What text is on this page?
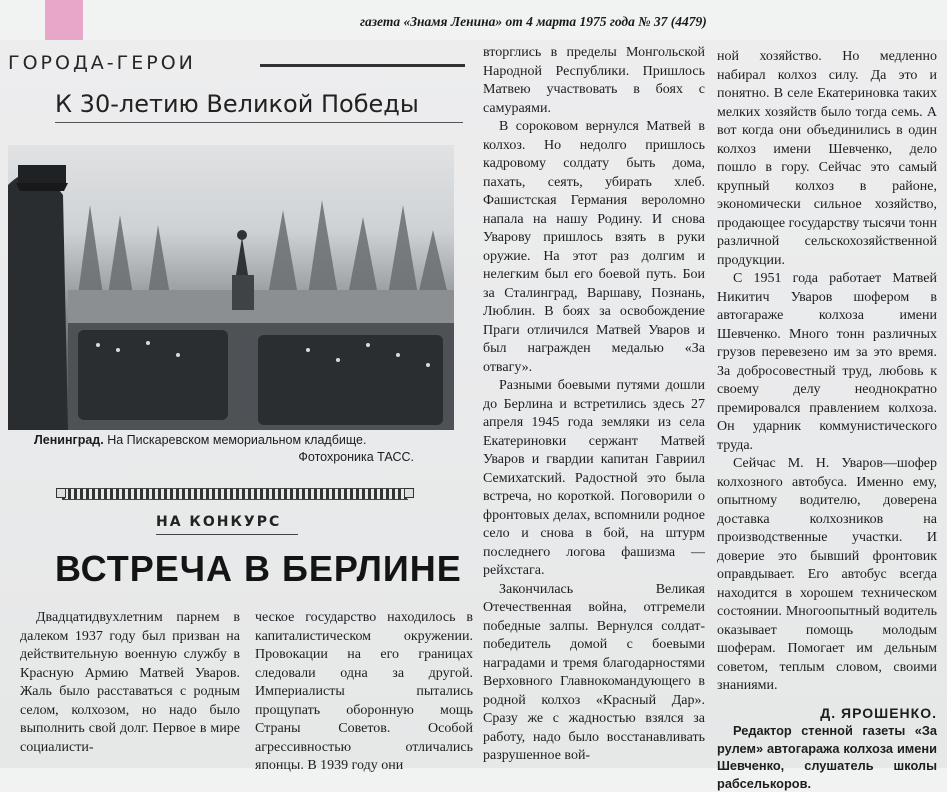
газета «Знамя Ленина» от 4 марта 1975 года № 37 (4479)
ГОРОДА-ГЕРОИ
К 30-летию Великой Победы
Ленинград. На Пискаревском мемориальном кладбище.
Фотохроника ТАСС.
НА КОНКУРС
ВСТРЕЧА В БЕРЛИНЕ

Двадцатидвухлетним парнем в далеком 1937 году был призван на действительную военную службу в Красную Армию Матвей Уваров. Жаль было расставаться с родным селом, колхозом, но надо было выполнить свой долг. Первое в мире социалисти-

ческое государство находилось в капиталистическом окружении. Провокации на его границах следовали одна за другой. Империалисты пытались прощупать оборонную мощь Страны Советов. Особой агрессивностью отличались японцы. В 1939 году они

вторглись в пределы Монгольской Народной Республики. Пришлось Матвею участвовать в боях с самураями.

В сороковом вернулся Матвей в колхоз. Но недолго пришлось кадровому солдату быть дома, пахать, сеять, убирать хлеб. Фашистская Германия вероломно напала на нашу Родину. И снова Уварову пришлось взять в руки оружие. На этот раз долгим и нелегким был его боевой путь. Бои за Сталинград, Варшаву, Познань, Люблин. В боях за освобождение Праги отличился Матвей Уваров и был награжден медалью «За отвагу».

Разными боевыми путями дошли до Берлина и встретились здесь 27 апреля 1945 года земляки из села Екатериновки сержант Матвей Уваров и гвардии капитан Гавриил Семихатский. Радостной это была встреча, но короткой. Поговорили о фронтовых делах, вспомнили родное село и снова в бой, на штурм последнего логова фашизма — рейхстага.

Закончилась Великая Отечественная война, отгремели победные залпы. Вернулся солдат-победитель домой с боевыми наградами и тремя благодарностями Верховного Главнокомандующего в родной колхоз «Красный Дар». Сразу же с жадностью взялся за работу, надо было восстанавливать разрушенное вой-

ной хозяйство. Но медленно набирал колхоз силу. Да это и понятно. В селе Екатериновка таких мелких хозяйств было тогда семь. А вот когда они объединились в один колхоз имени Шевченко, дело пошло в гору. Сейчас это самый крупный колхоз в районе, экономически сильное хозяйство, продающее государству тысячи тонн различной сельскохозяйственной продукции.

С 1951 года работает Матвей Никитич Уваров шофером в автогараже колхоза имени Шевченко. Много тонн различных грузов перевезено им за это время. За добросовестный труд, любовь к своему делу неоднократно премировался правлением колхоза. Он ударник коммунистического труда.

Сейчас М. Н. Уваров—шофер колхозного автобуса. Именно ему, опытному водителю, доверена доставка колхозников на производственные участки. И доверие это бывший фронтовик оправдывает. Его автобус всегда находится в хорошем техническом состоянии. Многоопытный водитель оказывает помощь молодым шоферам. Помогает им дельным советом, теплым словом, своими знаниями.

Д. ЯРОШЕНКО.
Редактор стенной газеты «За рулем» автогаража колхоза имени Шевченко, слушатель школы рабселькоров.
